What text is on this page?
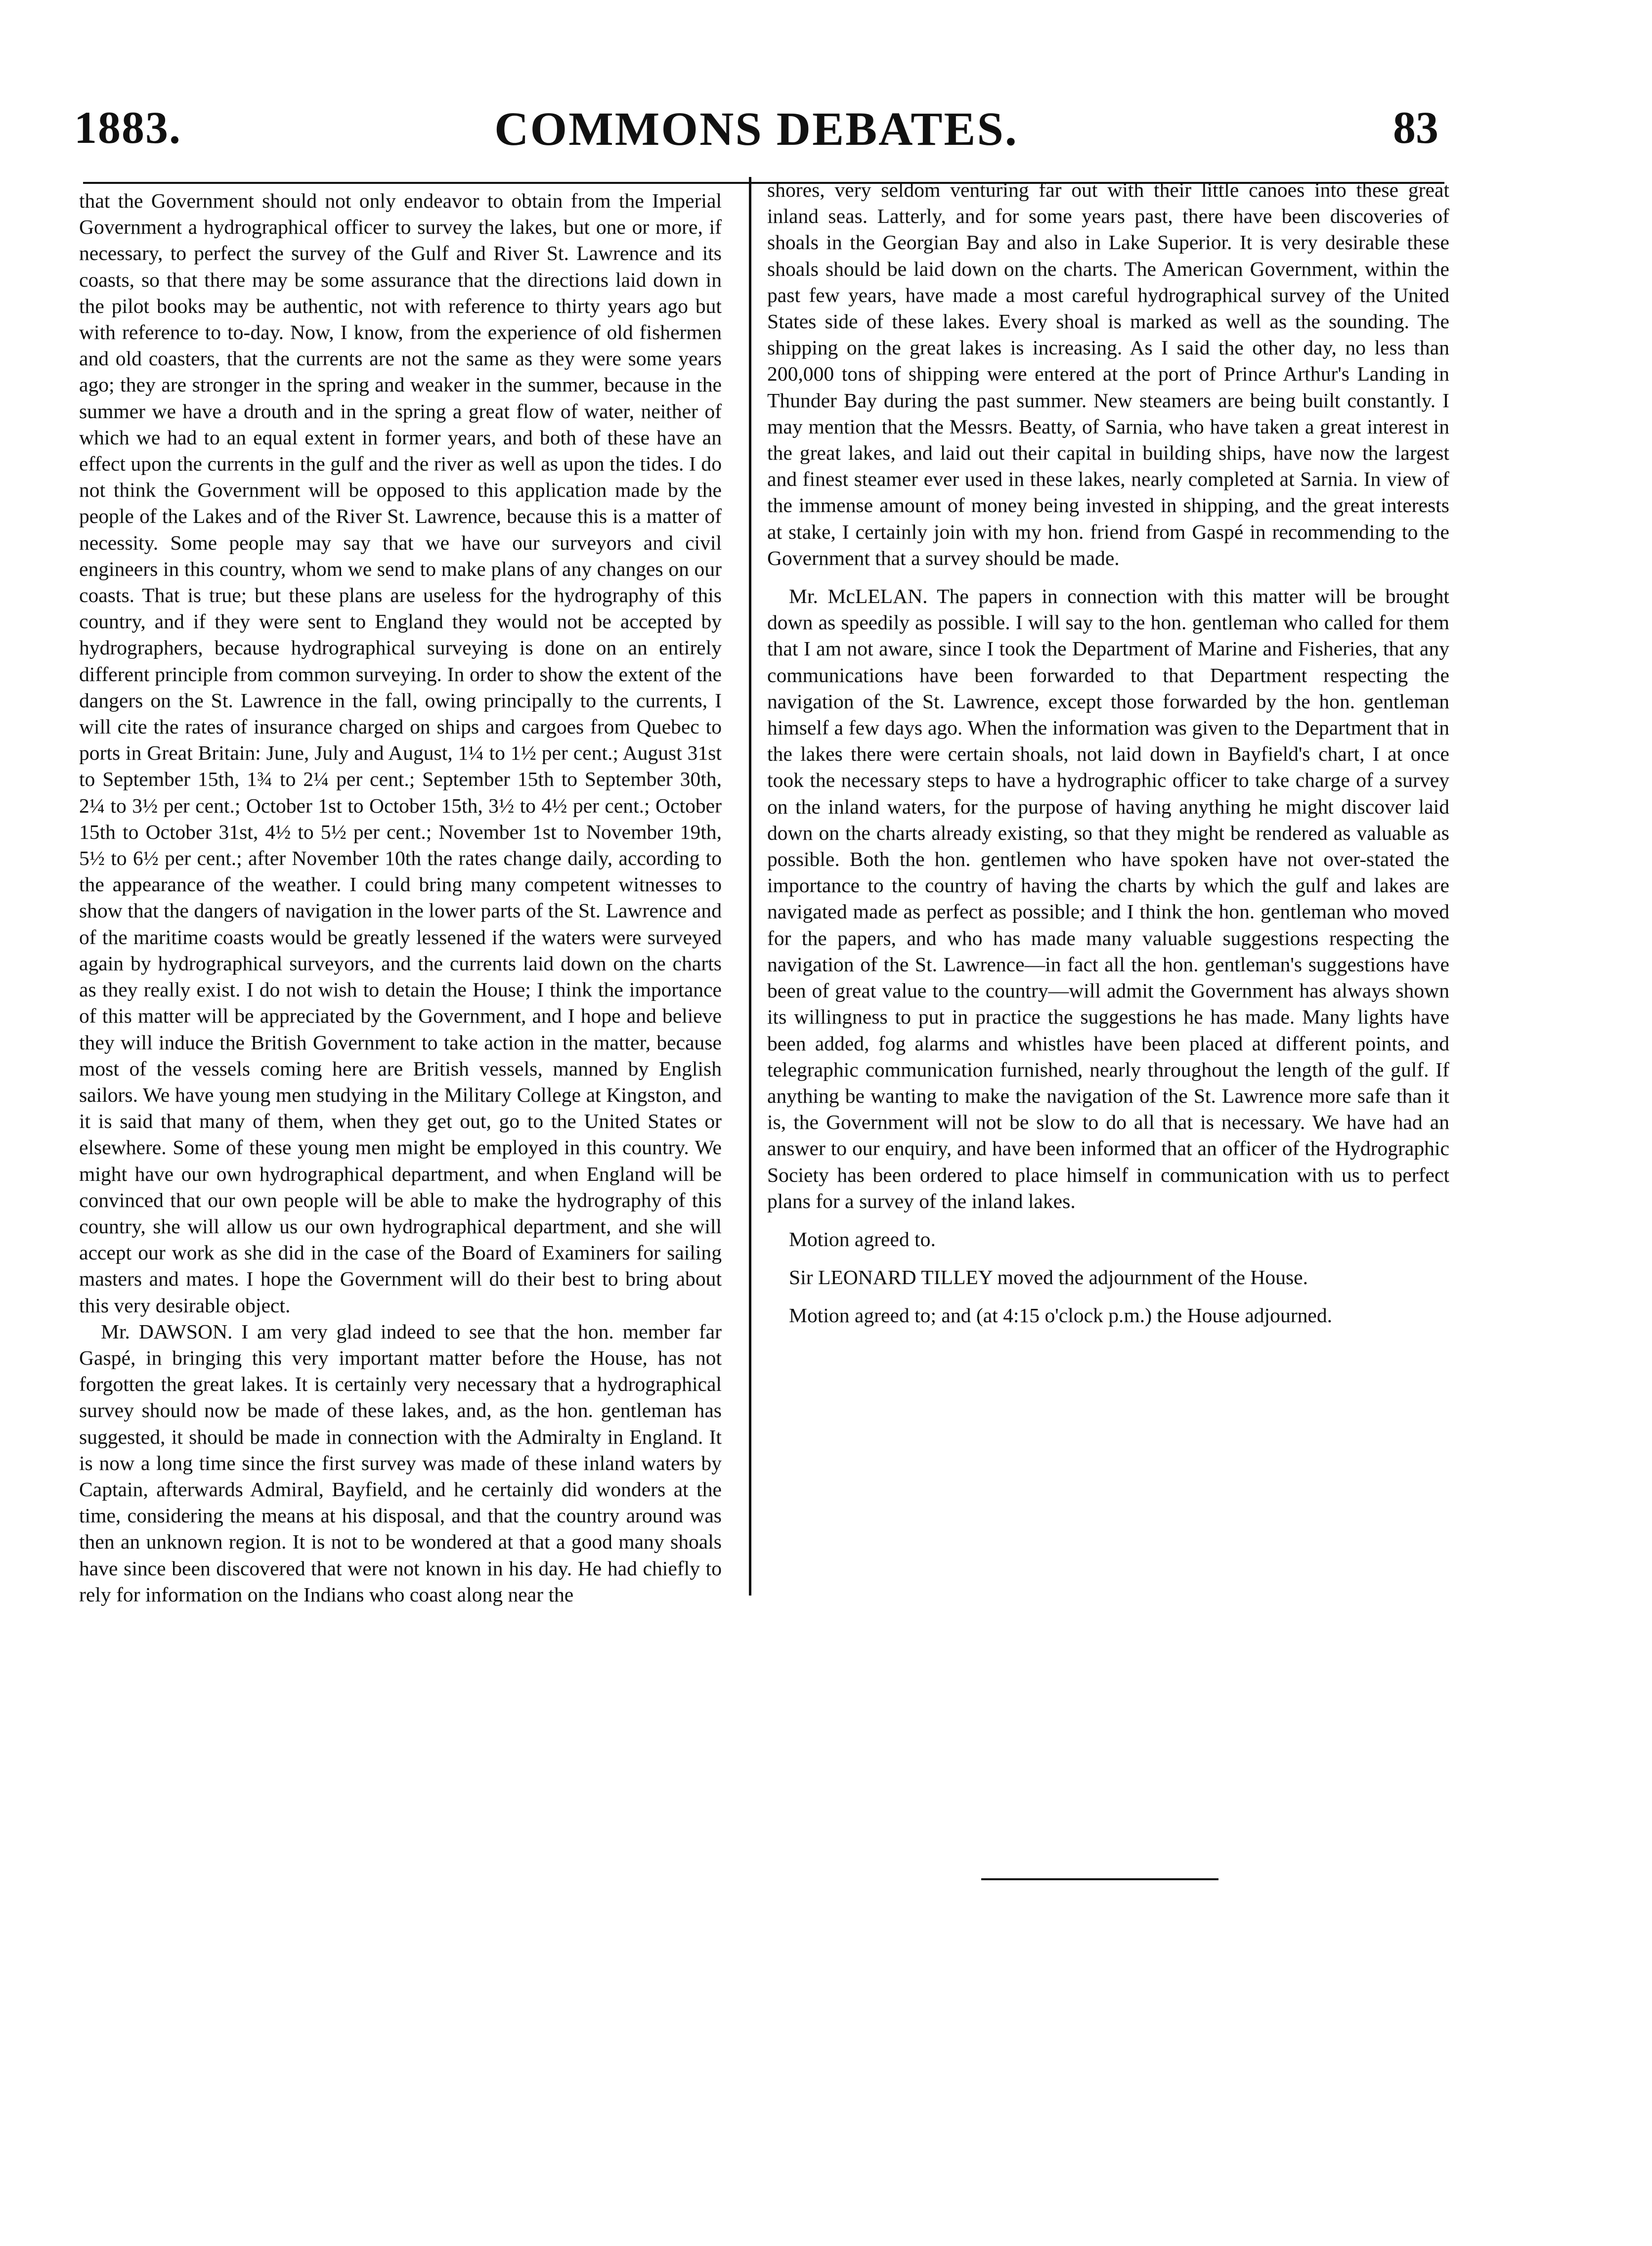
1883.	COMMONS DEBATES.	83

that the Government should not only endeavor to obtain from the Imperial Government a hydrographical officer to survey the lakes, but one or more, if necessary, to perfect the survey of the Gulf and River St. Lawrence and its coasts, so that there may be some assurance that the directions laid down in the pilot books may be authentic, not with reference to thirty years ago but with reference to to-day. Now, I know, from the experience of old fishermen and old coasters, that the currents are not the same as they were some years ago; they are stronger in the spring and weaker in the summer, because in the summer we have a drouth and in the spring a great flow of water, neither of which we had to an equal extent in former years, and both of these have an effect upon the currents in the gulf and the river as well as upon the tides. I do not think the Government will be opposed to this application made by the people of the Lakes and of the River St. Lawrence, because this is a matter of necessity. Some people may say that we have our surveyors and civil engineers in this country, whom we send to make plans of any changes on our coasts. That is true; but these plans are useless for the hydrography of this country, and if they were sent to England they would not be accepted by hydrographers, because hydrographical surveying is done on an entirely different principle from common surveying. In order to show the extent of the dangers on the St. Lawrence in the fall, owing principally to the currents, I will cite the rates of insurance charged on ships and cargoes from Quebec to ports in Great Britain: June, July and August, 1¼ to 1½ per cent.; August 31st to September 15th, 1¾ to 2¼ per cent.; September 15th to September 30th, 2¼ to 3½ per cent.; October 1st to October 15th, 3½ to 4½ per cent.; October 15th to October 31st, 4½ to 5½ per cent.; November 1st to November 19th, 5½ to 6½ per cent.; after November 10th the rates change daily, according to the appearance of the weather. I could bring many competent witnesses to show that the dangers of navigation in the lower parts of the St. Lawrence and of the maritime coasts would be greatly lessened if the waters were surveyed again by hydrographical surveyors, and the currents laid down on the charts as they really exist. I do not wish to detain the House; I think the importance of this matter will be appreciated by the Government, and I hope and believe they will induce the British Government to take action in the matter, because most of the vessels coming here are British vessels, manned by English sailors. We have young men studying in the Military College at Kingston, and it is said that many of them, when they get out, go to the United States or elsewhere. Some of these young men might be employed in this country. We might have our own hydrographical department, and when England will be convinced that our own people will be able to make the hydrography of this country, she will allow us our own hydrographical department, and she will accept our work as she did in the case of the Board of Examiners for sailing masters and mates. I hope the Government will do their best to bring about this very desirable object.

Mr. DAWSON. I am very glad indeed to see that the hon. member far Gaspé, in bringing this very important matter before the House, has not forgotten the great lakes. It is certainly very necessary that a hydrographical survey should now be made of these lakes, and, as the hon. gentleman has suggested, it should be made in connection with the Admiralty in England. It is now a long time since the first survey was made of these inland waters by Captain, afterwards Admiral, Bayfield, and he certainly did wonders at the time, considering the means at his disposal, and that the country around was then an unknown region. It is not to be wondered at that a good many shoals have since been discovered that were not known in his day. He had chiefly to rely for information on the Indians who coast along near the

shores, very seldom venturing far out with their little canoes into these great inland seas. Latterly, and for some years past, there have been discoveries of shoals in the Georgian Bay and also in Lake Superior. It is very desirable these shoals should be laid down on the charts. The American Government, within the past few years, have made a most careful hydrographical survey of the United States side of these lakes. Every shoal is marked as well as the sounding. The shipping on the great lakes is increasing. As I said the other day, no less than 200,000 tons of shipping were entered at the port of Prince Arthur's Landing in Thunder Bay during the past summer. New steamers are being built constantly. I may mention that the Messrs. Beatty, of Sarnia, who have taken a great interest in the great lakes, and laid out their capital in building ships, have now the largest and finest steamer ever used in these lakes, nearly completed at Sarnia. In view of the immense amount of money being invested in shipping, and the great interests at stake, I certainly join with my hon. friend from Gaspé in recommending to the Government that a survey should be made.

Mr. McLELAN. The papers in connection with this matter will be brought down as speedily as possible. I will say to the hon. gentleman who called for them that I am not aware, since I took the Department of Marine and Fisheries, that any communications have been forwarded to that Department respecting the navigation of the St. Lawrence, except those forwarded by the hon. gentleman himself a few days ago. When the information was given to the Department that in the lakes there were certain shoals, not laid down in Bayfield's chart, I at once took the necessary steps to have a hydrographic officer to take charge of a survey on the inland waters, for the purpose of having anything he might discover laid down on the charts already existing, so that they might be rendered as valuable as possible. Both the hon. gentlemen who have spoken have not over-stated the importance to the country of having the charts by which the gulf and lakes are navigated made as perfect as possible; and I think the hon. gentleman who moved for the papers, and who has made many valuable suggestions respecting the navigation of the St. Lawrence—in fact all the hon. gentleman's suggestions have been of great value to the country—will admit the Government has always shown its willingness to put in practice the suggestions he has made. Many lights have been added, fog alarms and whistles have been placed at different points, and telegraphic communication furnished, nearly throughout the length of the gulf. If anything be wanting to make the navigation of the St. Lawrence more safe than it is, the Government will not be slow to do all that is necessary. We have had an answer to our enquiry, and have been informed that an officer of the Hydrographic Society has been ordered to place himself in communication with us to perfect plans for a survey of the inland lakes.

Motion agreed to.

Sir LEONARD TILLEY moved the adjournment of the House.

Motion agreed to; and (at 4:15 o'clock p.m.) the House adjourned.
